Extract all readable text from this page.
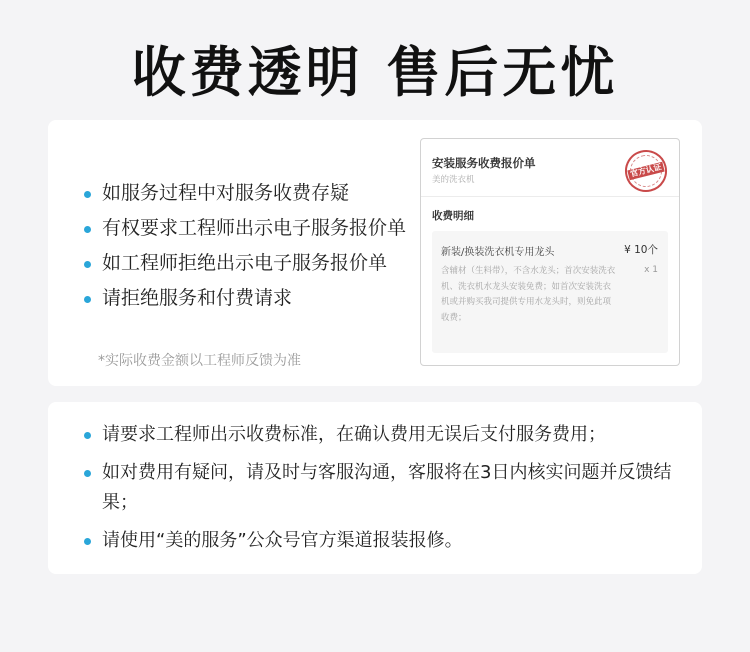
收费透明 售后无忧
如服务过程中对服务收费存疑
有权要求工程师出示电子服务报价单
如工程师拒绝出示电子服务报价单
请拒绝服务和付费请求
*实际收费金额以工程师反馈为准
安装服务收费报价单
美的洗衣机
官方认证
收费明细
新装/换装洗衣机专用龙头	¥ 10个
x 1
含辅材（生料带），不含水龙头；首次安装洗衣机、洗衣机水龙头安装免费；如首次安装洗衣机或并购买我司提供专用水龙头时，则免此项收费；
请要求工程师出示收费标准，在确认费用无误后支付服务费用；
如对费用有疑问，请及时与客服沟通，客服将在3日内核实问题并反馈结果；
请使用“美的服务”公众号官方渠道报装报修。
